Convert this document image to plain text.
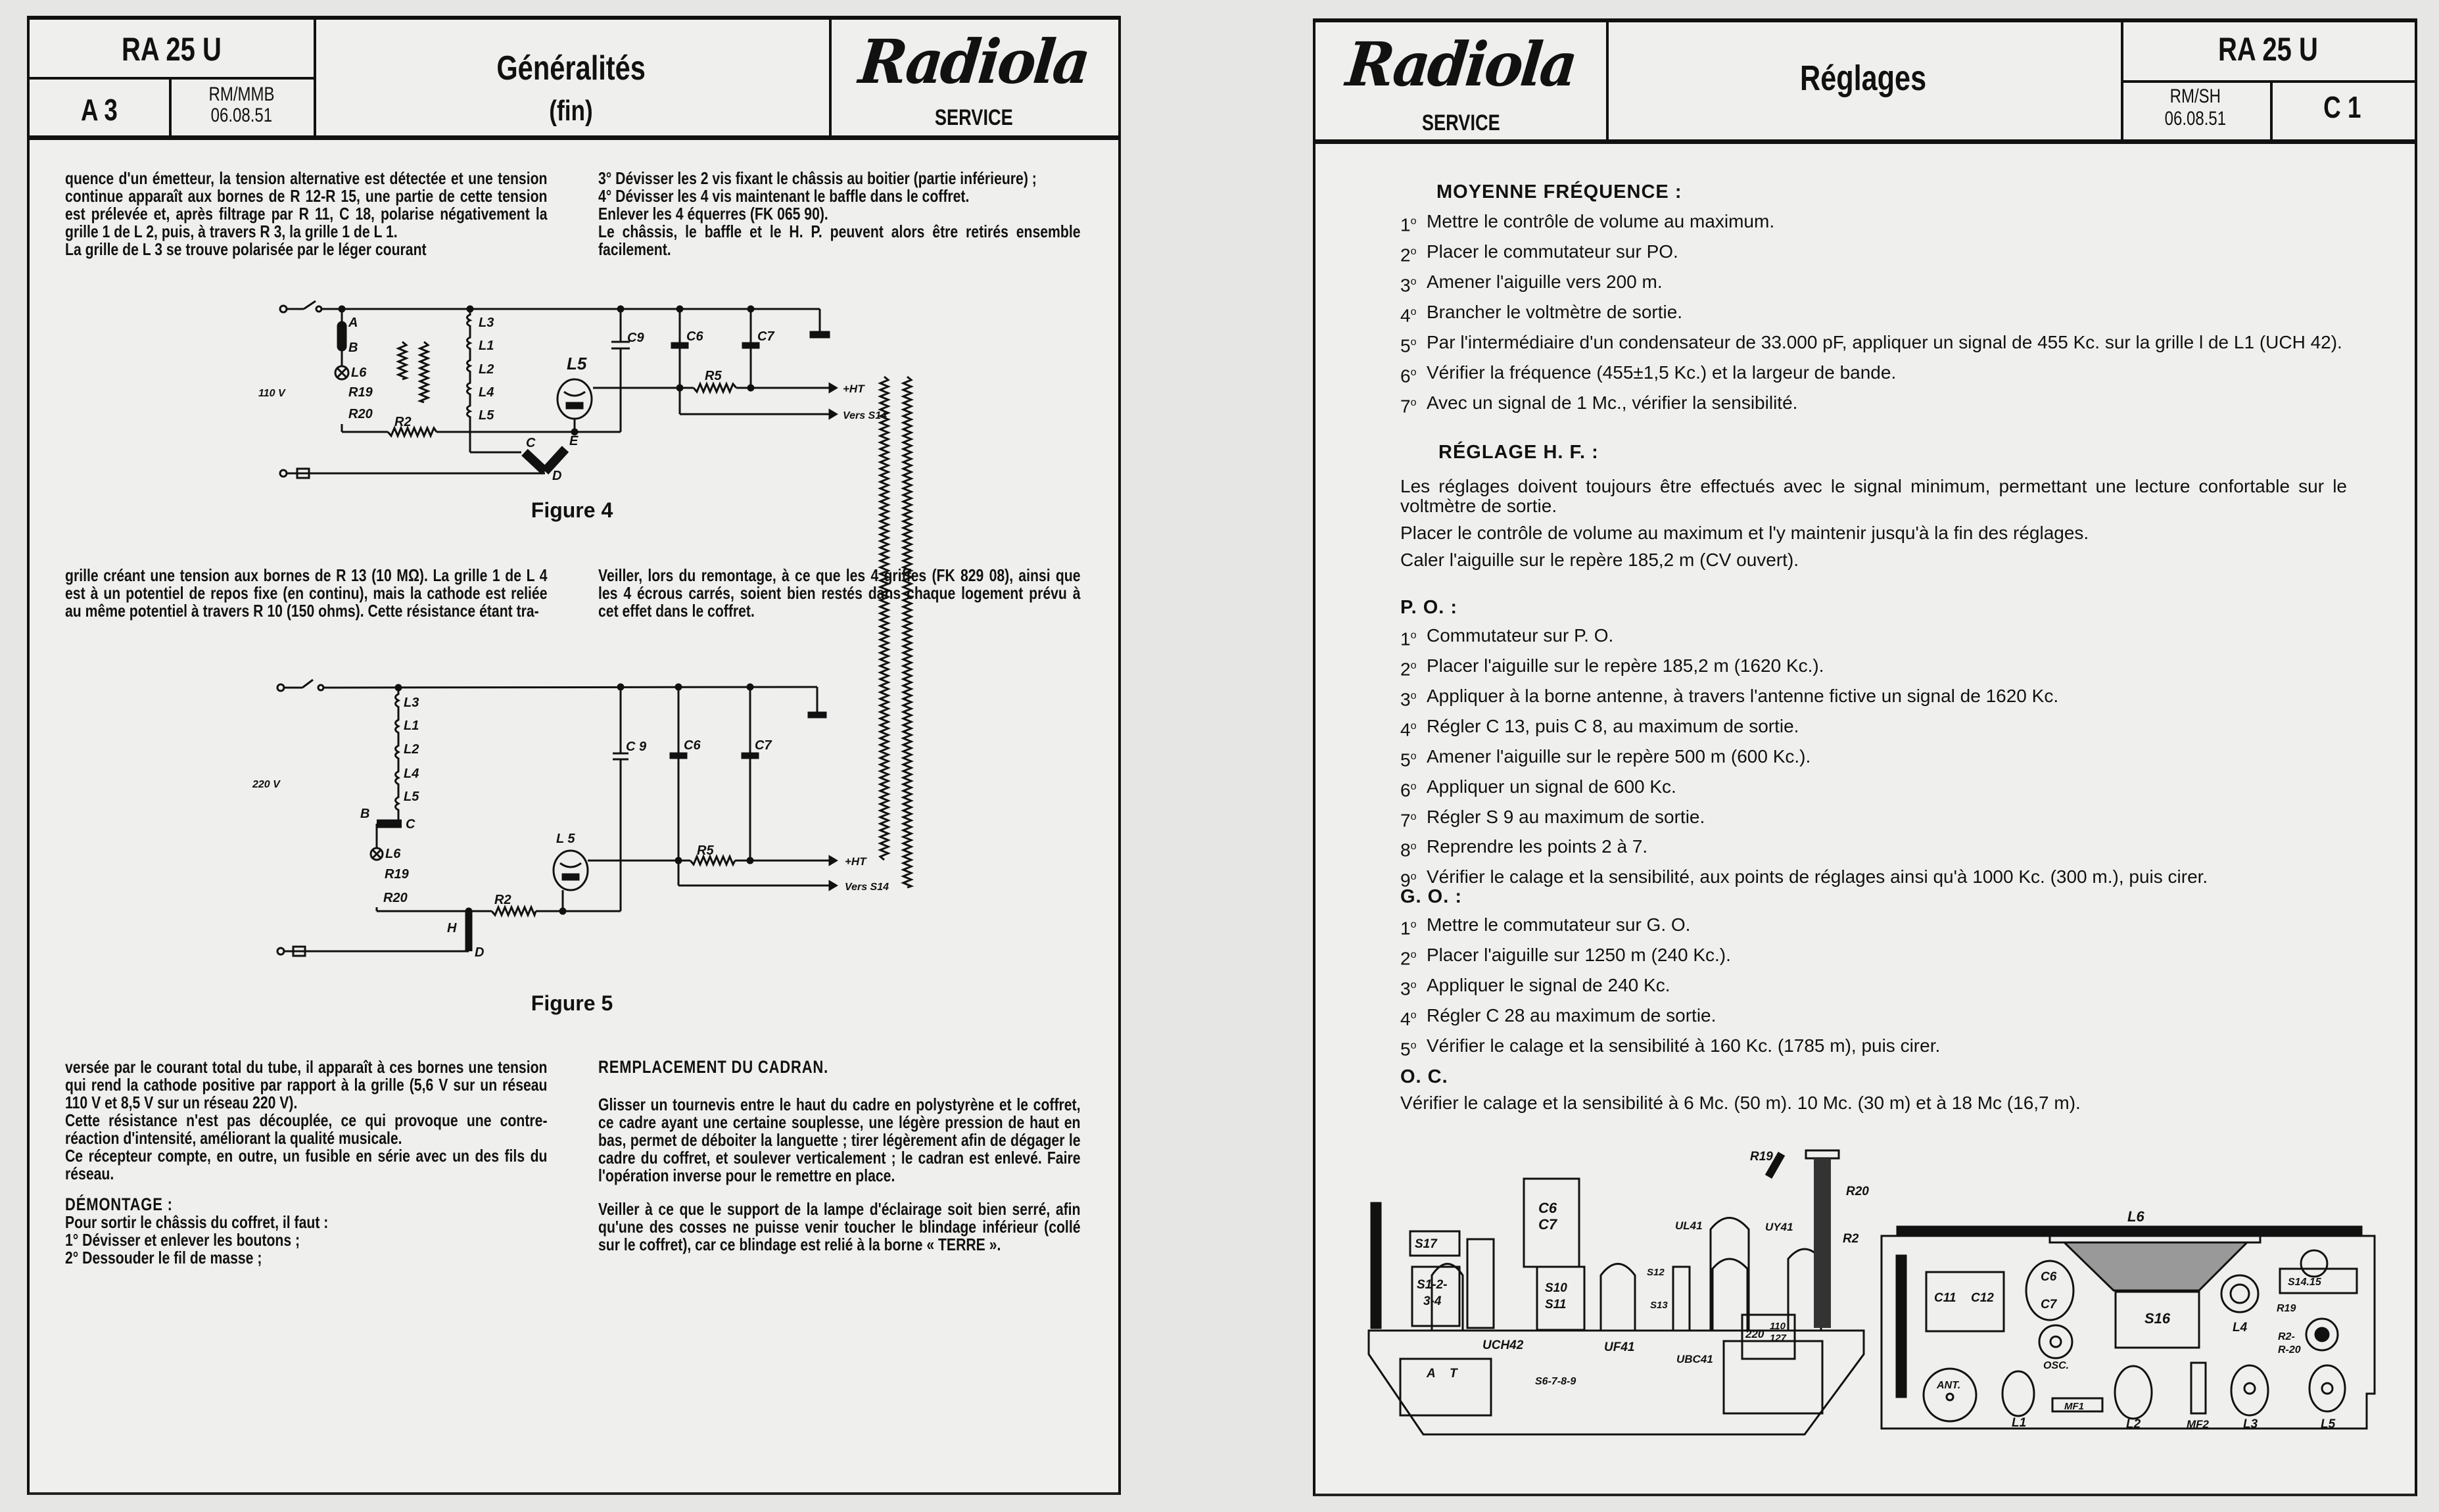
RA 25 U
A 3	RM/MMB
06.08.51
Généralités
(fin)
Radiola
SERVICE

quence d'un émetteur, la tension alternative est détectée et une tension continue apparaît aux bornes de R 12-R 15, une partie de cette tension est prélevée et, après filtrage par R 11, C 18, polarise négativement la grille 1 de L 2, puis, à travers R 3, la grille 1 de L 1.

La grille de L 3 se trouve polarisée par le léger courant

3° Dévisser les 2 vis fixant le châssis au boitier (partie inférieure) ;

4° Dévisser les 4 vis maintenant le baffle dans le coffret.

Enlever les 4 équerres (FK 065 90).

Le châssis, le baffle et le H. P. peuvent alors être retirés ensemble facilement.

Figure 4

grille créant une tension aux bornes de R 13 (10 MΩ). La grille 1 de L 4 est à un potentiel de repos fixe (en continu), mais la cathode est reliée au même potentiel à travers R 10 (150 ohms). Cette résistance étant tra-

Veiller, lors du remontage, à ce que les 4 griffes (FK 829 08), ainsi que les 4 écrous carrés, soient bien restés dans chaque logement prévu à cet effet dans le coffret.

Figure 5

versée par le courant total du tube, il apparaît à ces bornes une tension qui rend la cathode positive par rapport à la grille (5,6 V sur un réseau 110 V et 8,5 V sur un réseau 220 V).

Cette résistance n'est pas découplée, ce qui provoque une contre-réaction d'intensité, améliorant la qualité musicale.

Ce récepteur compte, en outre, un fusible en série avec un des fils du réseau.

DÉMONTAGE :

Pour sortir le châssis du coffret, il faut :

1° Dévisser et enlever les boutons ;

2° Dessouder le fil de masse ;

REMPLACEMENT DU CADRAN.

Glisser un tournevis entre le haut du cadre en polystyrène et le coffret, ce cadre ayant une certaine souplesse, une légère pression de haut en bas, permet de déboiter la languette ; tirer légèrement afin de dégager le cadre du coffret, et soulever verticalement ; le cadran est enlevé. Faire l'opération inverse pour le remettre en place.

Veiller à ce que le support de la lampe d'éclairage soit bien serré, afin qu'une des cosses ne puisse venir toucher le blindage inférieur (collé sur le coffret), car ce blindage est relié à la borne « TERRE ».

Radiola
SERVICE
Réglages
RA 25 U
RM/SH
06.08.51	C 1
MOYENNE FRÉQUENCE :
1$^o$ Mettre le contrôle de volume au maximum.
2$^o$ Placer le commutateur sur PO.
3$^o$ Amener l'aiguille vers 200 m.
4$^o$ Brancher le voltmètre de sortie.
5$^o$ Par l'intermédiaire d'un condensateur de 33.000 pF, appliquer un signal de 455 Kc. sur la grille l de L1 (UCH 42).
6$^o$ Vérifier la fréquence (455±1,5 Kc.) et la largeur de bande.
7$^o$ Avec un signal de 1 Mc., vérifier la sensibilité.
RÉGLAGE H. F. :

Les réglages doivent toujours être effectués avec le signal minimum, permettant une lecture confortable sur le voltmètre de sortie.

Placer le contrôle de volume au maximum et l'y maintenir jusqu'à la fin des réglages.

Caler l'aiguille sur le repère 185,2 m (CV ouvert).

P. O. :
1$^o$ Commutateur sur P. O.
2$^o$ Placer l'aiguille sur le repère 185,2 m (1620 Kc.).
3$^o$ Appliquer à la borne antenne, à travers l'antenne fictive un signal de 1620 Kc.
4$^o$ Régler C 13, puis C 8, au maximum de sortie.
5$^o$ Amener l'aiguille sur le repère 500 m (600 Kc.).
6$^o$ Appliquer un signal de 600 Kc.
7$^o$ Régler S 9 au maximum de sortie.
8$^o$ Reprendre les points 2 à 7.
9$^o$ Vérifier le calage et la sensibilité, aux points de réglages ainsi qu'à 1000 Kc. (300 m.), puis cirer.
G. O. :
1$^o$ Mettre le commutateur sur G. O.
2$^o$ Placer l'aiguille sur 1250 m (240 Kc.).
3$^o$ Appliquer le signal de 240 Kc.
4$^o$ Régler C 28 au maximum de sortie.
5$^o$ Vérifier le calage et la sensibilité à 160 Kc. (1785 m), puis cirer.
O. C.

Vérifier le calage et la sensibilité à 6 Mc. (50 m). 10 Mc. (30 m) et à 18 Mc (16,7 m).

A
B
L6
R19
R20
R2
L3
L1
L2
L4
L5
C9	C6	C7
L5
R5
+HT
Vers S14
C	E
D
110 V
L3
L1
L2
L4
L5
B
C
L6
R19
R20	R2
H
D
C 9	C6	C7
L 5
R5
+HT
Vers S14
220 V
S17
S1-2-
3-4
C6
C7
S10
S11
S12
S13
UCH42	UF41
UBC41
S6-7-8-9
220
110
127
UL41	UY41
R2
R19
R20
A T
L6
C11 C12
C6
C7
S16
L4
S14.15
R19
R2-
R-20
OSC.
ANT.
L1
MF1
L2	MF2	L3	L5
